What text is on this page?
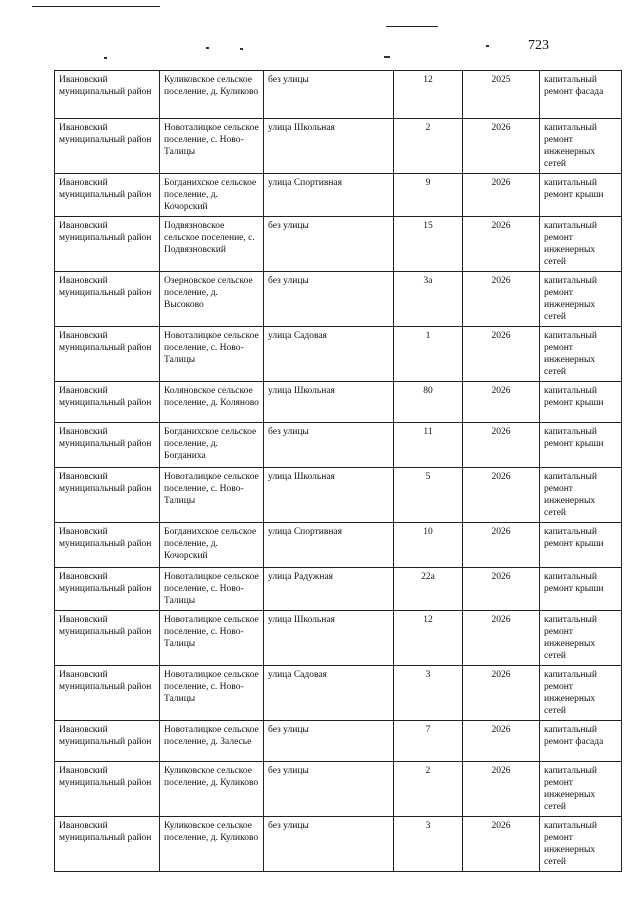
723
Ивановский муниципальный район	Куликовское сельское поселение, д. Куликово	без улицы	12	2025	капитальный ремонт фасада
Ивановский муниципальный район	Новоталицкое сельское поселение, с. Ново-Талицы	улица Школьная	2	2026	капитальный ремонт инженерных сетей
Ивановский муниципальный район	Богданихское сельское поселение, д. Кочорский	улица Спортивная	9	2026	капитальный ремонт крыши
Ивановский муниципальный район	Подвязновское сельское поселение, с. Подвязновский	без улицы	15	2026	капитальный ремонт инженерных сетей
Ивановский муниципальный район	Озерновское сельское поселение, д. Высоково	без улицы	3а	2026	капитальный ремонт инженерных сетей
Ивановский муниципальный район	Новоталицкое сельское поселение, с. Ново-Талицы	улица Садовая	1	2026	капитальный ремонт инженерных сетей
Ивановский муниципальный район	Коляновское сельское поселение, д. Коляново	улица Школьная	80	2026	капитальный ремонт крыши
Ивановский муниципальный район	Богданихское сельское поселение, д. Богданиха	без улицы	11	2026	капитальный ремонт крыши
Ивановский муниципальный район	Новоталицкое сельское поселение, с. Ново-Талицы	улица Школьная	5	2026	капитальный ремонт инженерных сетей
Ивановский муниципальный район	Богданихское сельское поселение, д. Кочорский	улица Спортивная	10	2026	капитальный ремонт крыши
Ивановский муниципальный район	Новоталицкое сельское поселение, с. Ново-Талицы	улица Радужная	22а	2026	капитальный ремонт крыши
Ивановский муниципальный район	Новоталицкое сельское поселение, с. Ново-Талицы	улица Школьная	12	2026	капитальный ремонт инженерных сетей
Ивановский муниципальный район	Новоталицкое сельское поселение, с. Ново-Талицы	улица Садовая	3	2026	капитальный ремонт инженерных сетей
Ивановский муниципальный район	Новоталицкое сельское поселение, д. Залесье	без улицы	7	2026	капитальный ремонт фасада
Ивановский муниципальный район	Куликовское сельское поселение, д. Куликово	без улицы	2	2026	капитальный ремонт инженерных сетей
Ивановский муниципальный район	Куликовское сельское поселение, д. Куликово	без улицы	3	2026	капитальный ремонт инженерных сетей
